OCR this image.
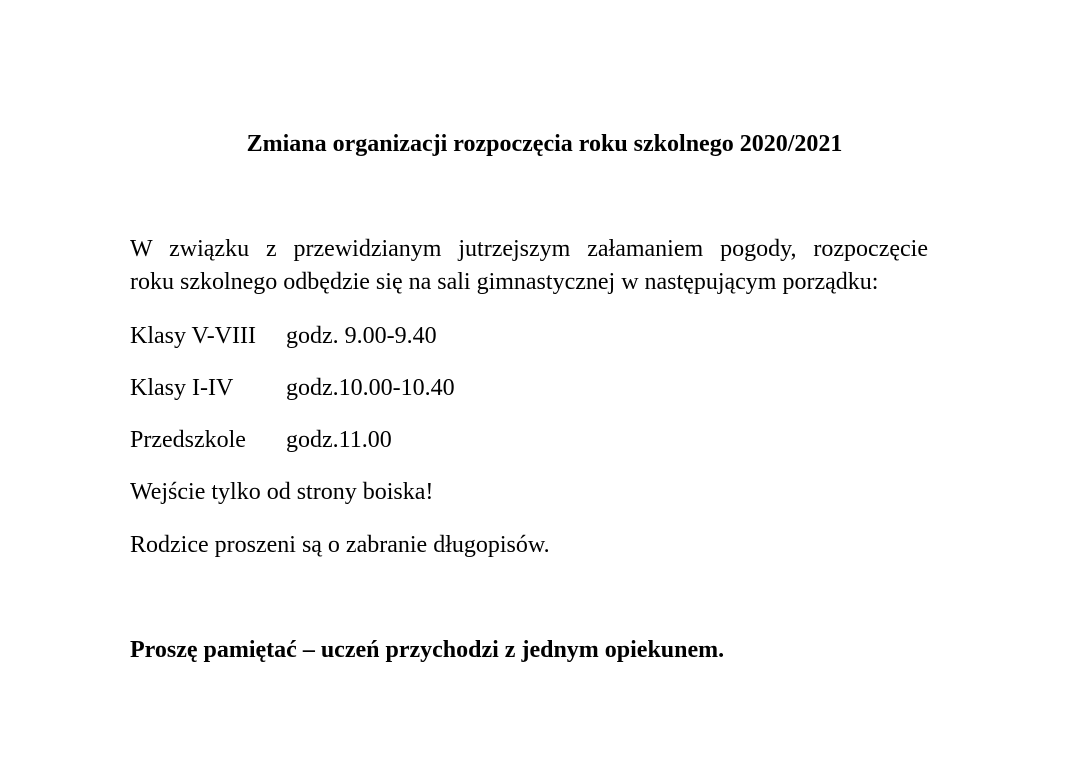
Zmiana organizacji rozpoczęcia roku szkolnego 2020/2021
W związku z przewidzianym jutrzejszym załamaniem pogody, rozpoczęcie
roku szkolnego odbędzie się na sali gimnastycznej w następującym porządku:
Klasy V-VIII godz. 9.00-9.40
Klasy I-IV godz.10.00-10.40
Przedszkole godz.11.00
Wejście tylko od strony boiska!
Rodzice proszeni są o zabranie długopisów.
Proszę pamiętać – uczeń przychodzi z jednym opiekunem.
